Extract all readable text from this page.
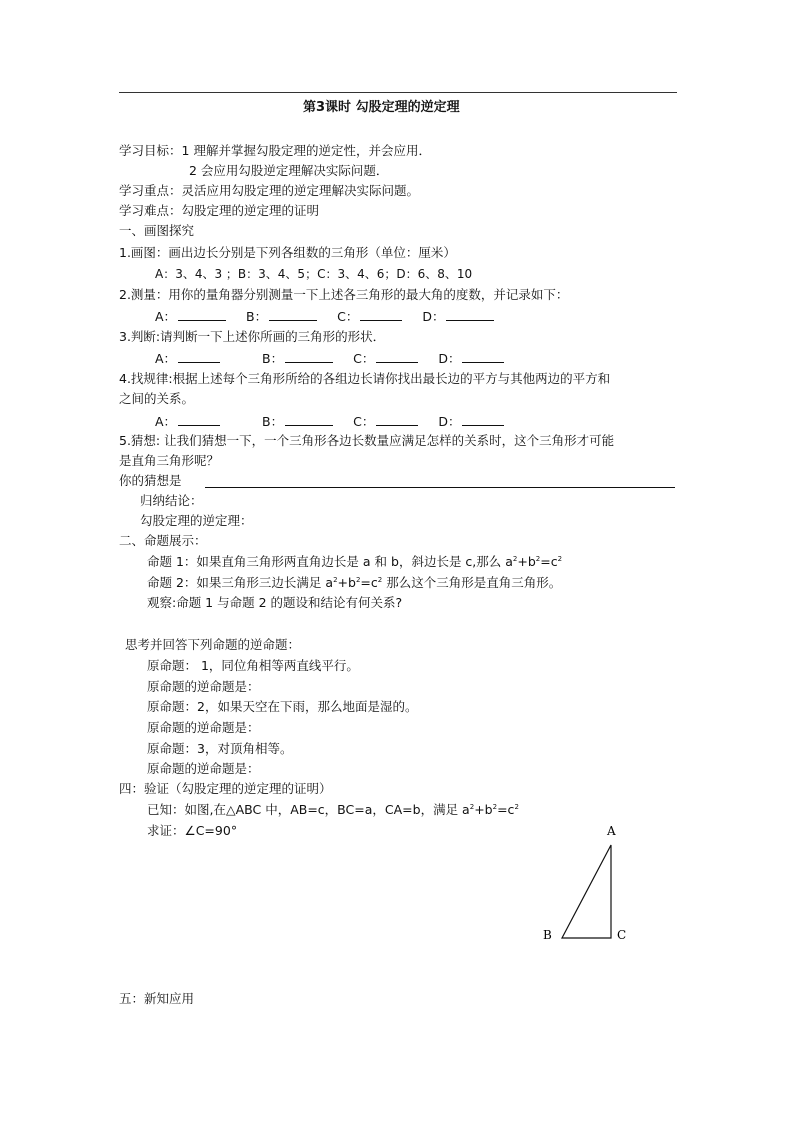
第3课时 勾股定理的逆定理
学习目标：1 理解并掌握勾股定理的逆定性，并会应用．
2 会应用勾股逆定理解决实际问题．
学习重点：灵活应用勾股定理的逆定理解决实际问题。
学习难点：勾股定理的逆定理的证明
一、画图探究
1.画图：画出边长分别是下列各组数的三角形（单位：厘米）
A：3、4、3 ；B：3、4、5；C：3、4、6；D：6、8、10
2.测量：用你的量角器分别测量一下上述各三角形的最大角的度数，并记录如下：
A：	B：	C：	D：
3.判断:请判断一下上述你所画的三角形的形状．
A：	B：	C：	D：
4.找规律:根据上述每个三角形所给的各组边长请你找出最长边的平方与其他两边的平方和
之间的关系。
A：	B：	C：	D：
5.猜想: 让我们猜想一下，一个三角形各边长数量应满足怎样的关系时，这个三角形才可能
是直角三角形呢？
你的猜想是
归纳结论：
勾股定理的逆定理：
二、命题展示：
命题 1：如果直角三角形两直角边长是 a 和 b，斜边长是 c,那么 $a^2+b^2=c^2$
命题 2：如果三角形三边长满足 $a^2+b^2=c^2$ 那么这个三角形是直角三角形。
观察:命题 1 与命题 2 的题设和结论有何关系?
思考并回答下列命题的逆命题：
原命题： 1，同位角相等两直线平行。
原命题的逆命题是：
原命题：2，如果天空在下雨，那么地面是湿的。
原命题的逆命题是：
原命题：3，对顶角相等。
原命题的逆命题是：
四：验证（勾股定理的逆定理的证明）
已知：如图,在△ABC 中，AB=c，BC=a，CA=b，满足 $a^2+b^2=c^2$
求证：∠C=90°	A
B	C
五：新知应用
